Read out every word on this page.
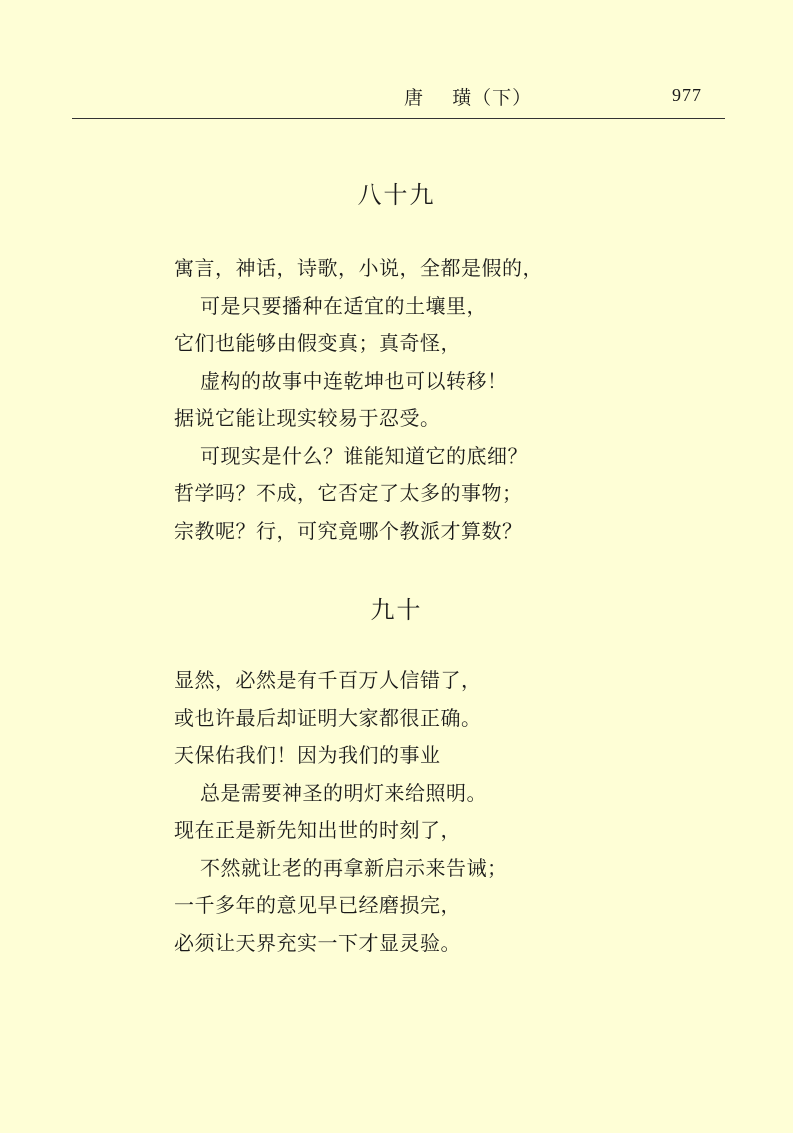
唐    璜（下）	977
八十九
寓言，神话，诗歌，小说，全都是假的，
可是只要播种在适宜的土壤里，
它们也能够由假变真；真奇怪，
虚构的故事中连乾坤也可以转移！
据说它能让现实较易于忍受。
可现实是什么？谁能知道它的底细？
哲学吗？不成，它否定了太多的事物；
宗教呢？行，可究竟哪个教派才算数？
九十
显然，必然是有千百万人信错了，
或也许最后却证明大家都很正确。
天保佑我们！因为我们的事业
总是需要神圣的明灯来给照明。
现在正是新先知出世的时刻了，
不然就让老的再拿新启示来告诫；
一千多年的意见早已经磨损完，
必须让天界充实一下才显灵验。
